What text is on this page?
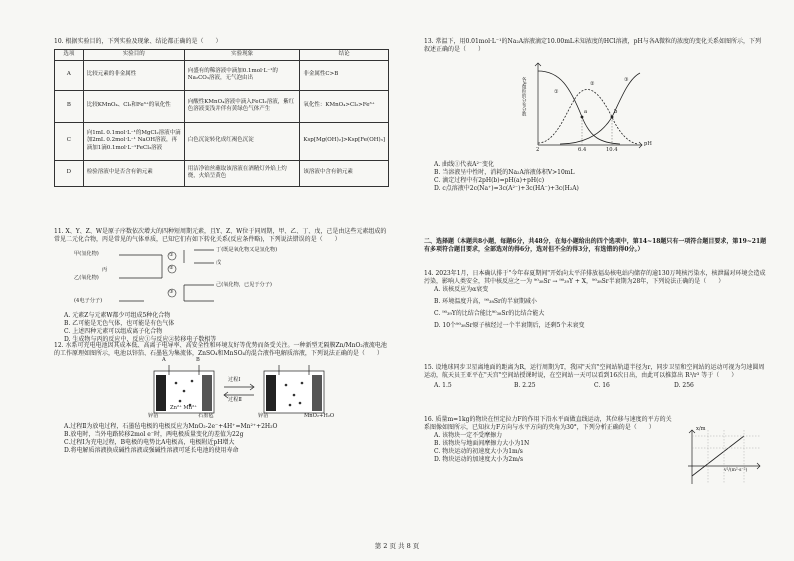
10. 根据实验目的，下列实验及现象、结论都正确的是（　　）
选项	实验目的	实验现象	结论
A	比较元素的非金属性	向盛有的稀溶液中滴加0.1mol·L⁻¹的Na₂CO₃溶液，无气泡由出	非金属性C>B
B	比较KMnO₄、Cl₂和Fe³⁺的氧化性	向酸性KMnO₄溶液中滴入FeCl₂溶液，紫红色溶液变浅并伴有黄绿色气体产生	氧化性：KMnO₄>Cl₂>Fe³⁺
C	向1mL 0.1mol·L⁻¹的MgCl₂溶液中滴加2mL 0.2mol·L⁻¹ NaOH溶液，再滴加1滴0.1mol·L⁻¹FeCl₃溶液	白色沉淀转化成红褐色沉淀	Ksp[Mg(OH)₂]>Ksp[Fe(OH)₃]
D	检验溶液中是否含有钠元素	用洁净铂丝蘸取该溶液在酒精灯外焰上灼烧，火焰呈黄色	该溶液中含有钠元素
11. X、Y、Z、W是原子序数依次增大的四种短周期元素，且Y、Z、W位于同周期，甲、乙、丁、戊，己是由这些元素组成的常见二元化合物，丙是常见的气体单质，已知它们有如下转化关系(反应条件略)，下列说法错误的是（　　）
甲(氢化物)
丙
丁(既是氧化物又是氢化物)
戊
乙(氧化物)
己(氧化物，已见于分子)
(4电子分子)
①
②
③
A. 元素Z与元素W都少可组成5种化合物
B. 乙可能是无色气体，也可能是有色气体
C. 上述四种元素可以组成离子化合物
D. 生成物与丙的反应中，反应①与反应②转移电子数相等
12. 水系可充电电池因其成本低、高离子电导率、高安全性和环境友好等优势而备受关注。一种新型无隔膜Zn/MnO₂液流电池的工作原理如图所示，电池以锌箔、石墨毡为集流体，ZnSO₄和MnSO₄的混合液作电解质溶液，下列说法正确的是（　　）
A	B
过程Ⅰ
过程Ⅱ
锌箔
Zn²⁺ Mn²⁺
石墨毡	锌箔	MnO₂+H₂O
A.过程Ⅱ为放电过程，石墨毡电极的电极反应为MnO₂-2e⁻+4H⁺=Mn²⁺+2H₂O
B.放电时，当外电路转移2mol e⁻时，两电极质量变化的差值为22g
C.过程Ⅰ为充电过程，B电极的电势比A电极高，电极附近pH增大
D.将电解质溶液换成碱性溶液或强碱性溶液可延长电池的使用寿命
13. 常温下，用0.01mol·L⁻¹的Na₂A溶液滴定10.00mL未知浓度的HCl溶液，pH与各A微粒的浓度的变化关系如图所示，下列叙述正确的是（　　）
各A微粒的分布分数
pH
2	6.4	10.4
①
②
③
a	b
A. 曲线①代表A²⁻变化
B. 当溶液呈中性时，消耗的Na₂A溶液体积V>10mL
C. 滴定过程中有2pH(b)=pH(a)+pH(c)
D. c点溶液中2c(Na⁺)=3c(A²⁻)+3c(HA⁻)+3c(H₂A)
二、选择题（本题共8小题，每题6分，共48分，在每小题给出的四个选项中，第14~18题只有一项符合题目要求，第19~21题有多项符合题目要求，全部选对的得6分，选对但不全的得3分，有选错的得0分。）
14. 2023年1月，日本确认排于"今年春夏期间"开始向太平洋排放福岛核电站内储存的逾130万吨核污染水，核泄漏对环境会造成污染，影响人类安全，其中核反应之一为 ⁹⁰₃₈Sr → ⁹⁰₃₉Y + X，⁹⁰₃₈Sr半衰期为28年，下列说法正确的是（　　）
A. 该核反应为α衰变
B. 环境温度升高，⁹⁰₃₈Sr的半衰期减小
C. ⁹⁰₃₉Y的比结合能比⁹⁰₃₈Sr的比结合能大
D. 10个⁹⁰₃₈Sr原子核经过一个半衰期后，还剩5个未衰变
15. 设地球同步卫星离地面的距离为R，运行周期为T，我国"天宫"空间站轨道半径为r，同步卫星和空间站的运动可视为匀速圆周运动，航天员王亚平在"天宫"空间站授课时说，在空间站一天可以看到16次日出，由此可以推算出 R³/r³ 等于（　　）
A. 1.5	B. 2.25	C. 16	D. 256
16. 质量m=1kg的物块在恒定拉力F的作用下沿水平面做直线运动，其位移与速度的平方的关系图像如图所示，已知拉力F方向与水平方向的夹角为30°，下列分析正确的是（　　）
A. 该物块一定不受摩擦力
B. 该物块与地面间摩擦力大小为1N
C. 物块运动的初速度大小为1m/s
D. 物块运动的加速度大小为2m/s
x/m
v²/(m²·s⁻²)
第 2 页 共 8 页
